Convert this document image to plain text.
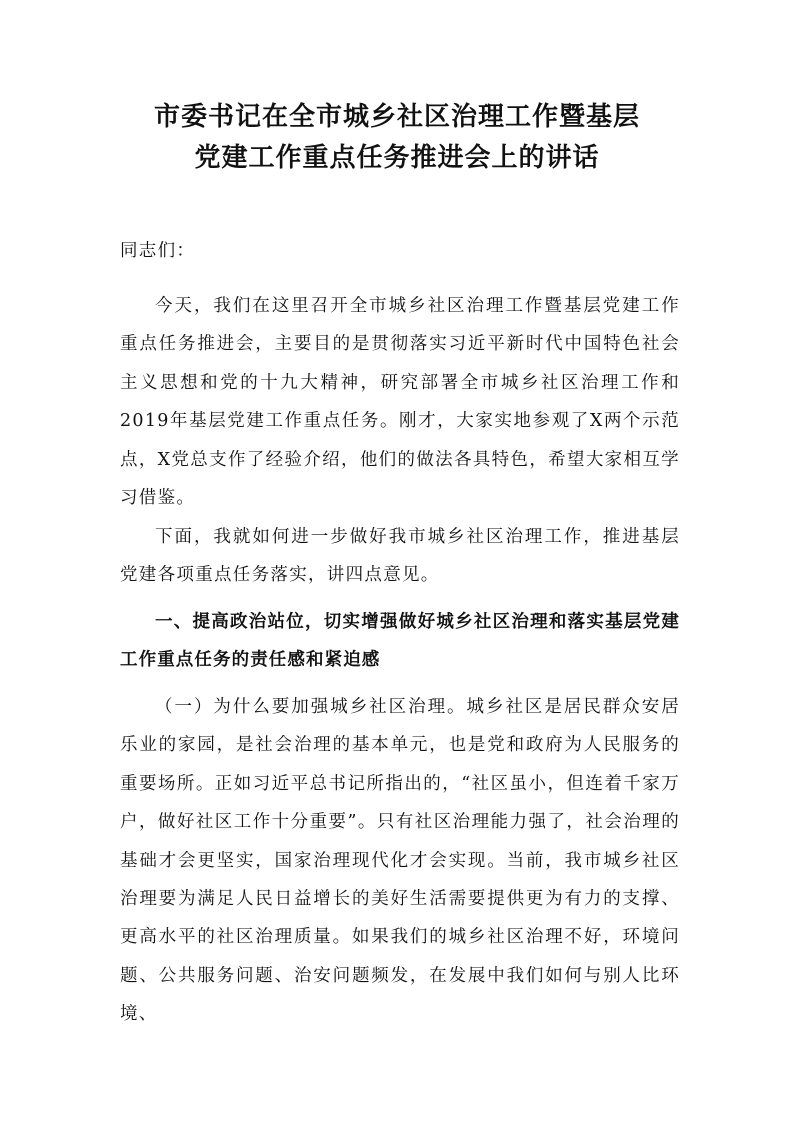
市委书记在全市城乡社区治理工作暨基层
党建工作重点任务推进会上的讲话

同志们：

今天，我们在这里召开全市城乡社区治理工作暨基层党建工作重点任务推进会，主要目的是贯彻落实习近平新时代中国特色社会主义思想和党的十九大精神，研究部署全市城乡社区治理工作和2019年基层党建工作重点任务。刚才，大家实地参观了X两个示范点，X党总支作了经验介绍，他们的做法各具特色，希望大家相互学习借鉴。

下面，我就如何进一步做好我市城乡社区治理工作，推进基层党建各项重点任务落实，讲四点意见。

一、提高政治站位，切实增强做好城乡社区治理和落实基层党建工作重点任务的责任感和紧迫感

（一）为什么要加强城乡社区治理。城乡社区是居民群众安居乐业的家园，是社会治理的基本单元，也是党和政府为人民服务的重要场所。正如习近平总书记所指出的，“社区虽小，但连着千家万户，做好社区工作十分重要”。只有社区治理能力强了，社会治理的基础才会更坚实，国家治理现代化才会实现。当前，我市城乡社区治理要为满足人民日益增长的美好生活需要提供更为有力的支撑、更高水平的社区治理质量。如果我们的城乡社区治理不好，环境问题、公共服务问题、治安问题频发，在发展中我们如何与别人比环境、
